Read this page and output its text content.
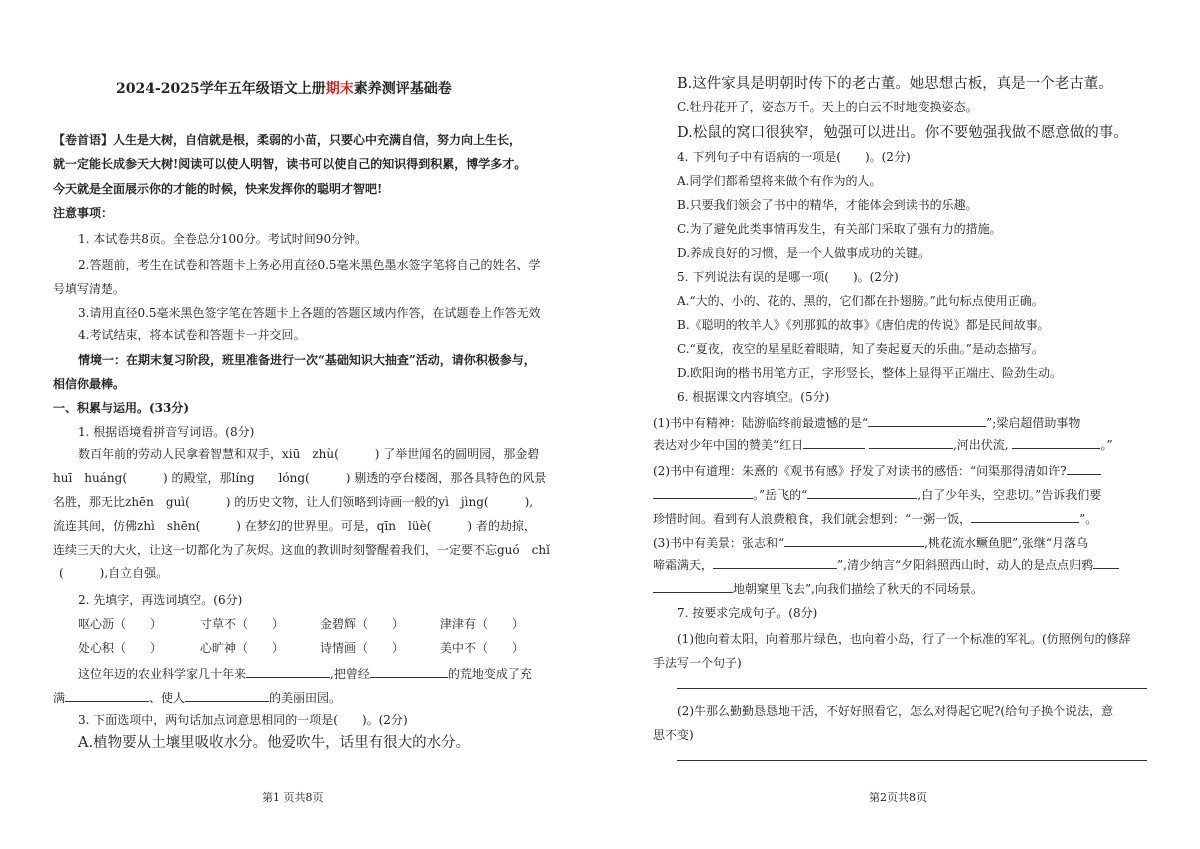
2024-2025学年五年级语文上册期末素养测评基础卷
【卷首语】人生是大树，自信就是根，柔弱的小苗，只要心中充满自信，努力向上生长，
就一定能长成参天大树!阅读可以使人明智，读书可以使自己的知识得到积累，博学多才。
今天就是全面展示你的才能的时候，快来发挥你的聪明才智吧!
注意事项：
1. 本试卷共8页。全卷总分100分。考试时间90分钟。
2.答题前，考生在试卷和答题卡上务必用直径0.5毫米黑色墨水签字笔将自己的姓名、学
号填写清楚。
3.请用直径0.5毫米黑色签字笔在答题卡上各题的答题区域内作答，在试题卷上作答无效
4.考试结束，将本试卷和答题卡一并交回。
情境一：在期末复习阶段，班里准备进行一次“基础知识大抽查”活动，请你积极参与，
相信你最棒。
一、积累与运用。(33分)
1. 根据语境看拼音写词语。(8分)
数百年前的劳动人民拿着智慧和双手，xiū　zhù(　　　) 了举世闻名的圆明园，那金碧
huī　huáng(　　　) 的殿堂，那líng　　lóng(　　　) 剔透的亭台楼阁，那各具特色的风景
名胜，那无比zhēn　guì(　　　) 的历史文物，让人们领略到诗画一般的yì　jìng(　　　),
流连其间，仿佛zhì　shēn(　　　) 在梦幻的世界里。可是，qīn　lüè(　　　) 者的劫掠，
连续三天的大火，让这一切都化为了灰烬。这血的教训时刻警醒着我们，一定要不忘guó　chǐ
(　　　),自立自强。
2. 先填字，再选词填空。(6分)
呕心沥（　　）	寸草不（　　）	金碧辉（　　）	津津有（　　）
处心积（　　）	心旷神（　　）	诗情画（　　）	美中不（　　）
这位年迈的农业科学家几十年来	,把曾经	的荒地变成了充
满	、使人	的美丽田园。
3. 下面选项中，两句话加点词意思相同的一项是(　　)。(2分)
A.植物要从土壤里吸收水分。他爱吹牛，话里有很大的水分。
第1 页共8页
B.这件家具是明朝时传下的老古董。她思想古板，真是一个老古董。
C.牡丹花开了，姿态万千。天上的白云不时地变换姿态。
D.松鼠的窝口很狭窄，勉强可以进出。你不要勉强我做不愿意做的事。
4. 下列句子中有语病的一项是(　　)。(2分)
A.同学们都希望将来做个有作为的人。
B.只要我们领会了书中的精华，才能体会到读书的乐趣。
C.为了避免此类事情再发生，有关部门采取了强有力的措施。
D.养成良好的习惯，是一个人做事成功的关键。
5. 下列说法有误的是哪一项(　　)。(2分)
A.“大的、小的、花的、黑的，它们都在扑翅膀。”此句标点使用正确。
B.《聪明的牧羊人》《列那狐的故事》《唐伯虎的传说》都是民间故事。
C.“夏夜，夜空的星星眨着眼睛，知了奏起夏天的乐曲。”是动态描写。
D.欧阳询的楷书用笔方正，字形竖长，整体上显得平正端庄、险劲生动。
6. 根据课文内容填空。(5分)
(1)书中有精神：陆游临终前最遗憾的是“	”;梁启超借助事物
表达对少年中国的赞美“红日	,河出伏流,	。”
(2)书中有道理：朱熹的《观书有感》抒发了对读书的感悟：“问渠那得清如许?
。”岳飞的“	,白了少年头，空悲切。”告诉我们要
珍惜时间。看到有人浪费粮食，我们就会想到：“一粥一饭，	”。
(3)书中有美景：张志和“	,桃花流水鳜鱼肥”,张继“月落乌
啼霜满天，	”,清少纳言“夕阳斜照西山时，动人的是点点归鸦
地朝窠里飞去”,向我们描绘了秋天的不同场景。
7. 按要求完成句子。(8分)
(1)他向着太阳，向着那片绿色，也向着小岛，行了一个标准的军礼。(仿照例句的修辞
手法写一个句子)
(2)牛那么勤勤恳恳地干活，不好好照看它，怎么对得起它呢?(给句子换个说法，意
思不变)
第2页共8页
